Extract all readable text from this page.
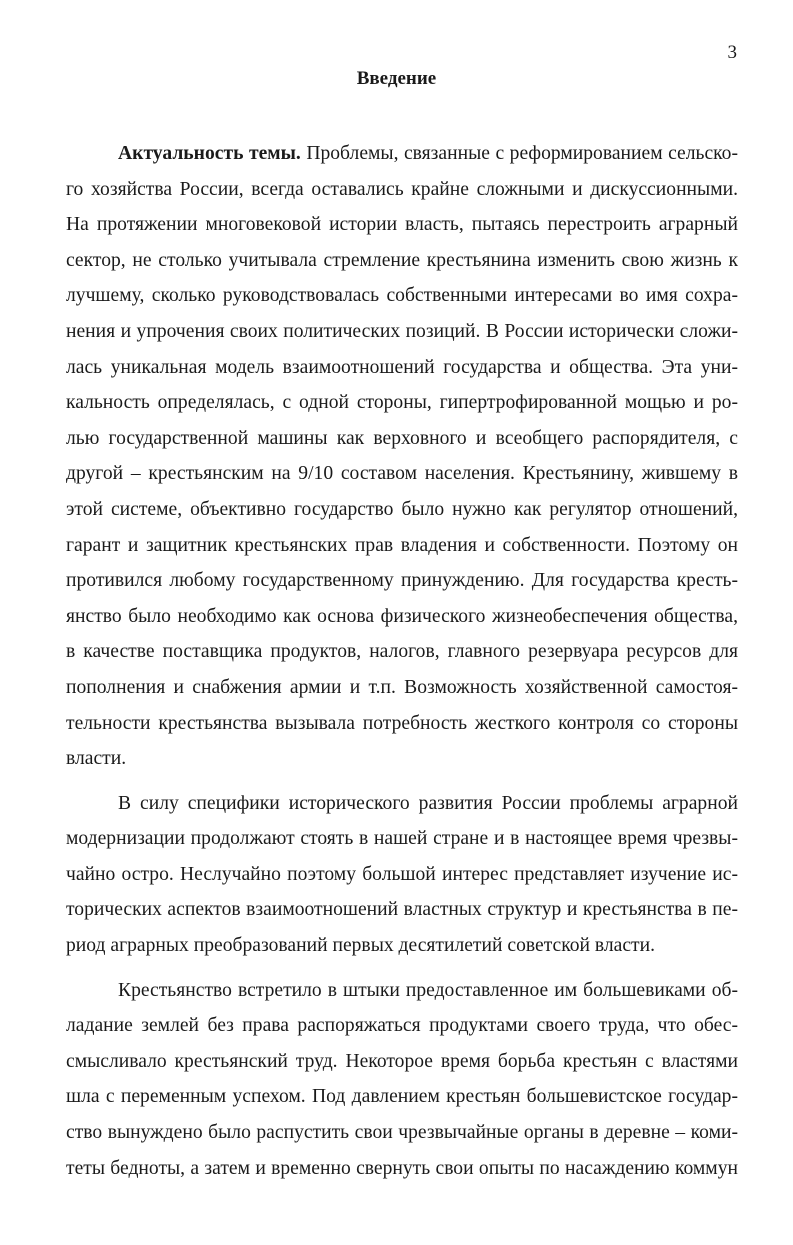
3
Введение
Актуальность темы. Проблемы, связанные с реформированием сельско-
го хозяйства России, всегда оставались крайне сложными и дискуссионными.
На протяжении многовековой истории власть, пытаясь перестроить аграрный
сектор, не столько учитывала стремление крестьянина изменить свою жизнь к
лучшему, сколько руководствовалась собственными интересами во имя сохра-
нения и упрочения своих политических позиций. В России исторически сложи-
лась уникальная модель взаимоотношений государства и общества. Эта уни-
кальность определялась, с одной стороны, гипертрофированной мощью и ро-
лью государственной машины как верховного и всеобщего распорядителя, с
другой – крестьянским на 9/10 составом населения. Крестьянину, жившему в
этой системе, объективно государство было нужно как регулятор отношений,
гарант и защитник крестьянских прав владения и собственности. Поэтому он
противился любому государственному принуждению. Для государства кресть-
янство было необходимо как основа физического жизнеобеспечения общества,
в качестве поставщика продуктов, налогов, главного резервуара ресурсов для
пополнения и снабжения армии и т.п. Возможность хозяйственной самостоя-
тельности крестьянства вызывала потребность жесткого контроля со стороны
власти.
В силу специфики исторического развития России проблемы аграрной
модернизации продолжают стоять в нашей стране и в настоящее время чрезвы-
чайно остро. Неслучайно поэтому большой интерес представляет изучение ис-
торических аспектов взаимоотношений властных структур и крестьянства в пе-
риод аграрных преобразований первых десятилетий советской власти.
Крестьянство встретило в штыки предоставленное им большевиками об-
ладание землей без права распоряжаться продуктами своего труда, что обес-
смысливало крестьянский труд. Некоторое время борьба крестьян с властями
шла с переменным успехом. Под давлением крестьян большевистское государ-
ство вынуждено было распустить свои чрезвычайные органы в деревне – коми-
теты бедноты, а затем и временно свернуть свои опыты по насаждению коммун
